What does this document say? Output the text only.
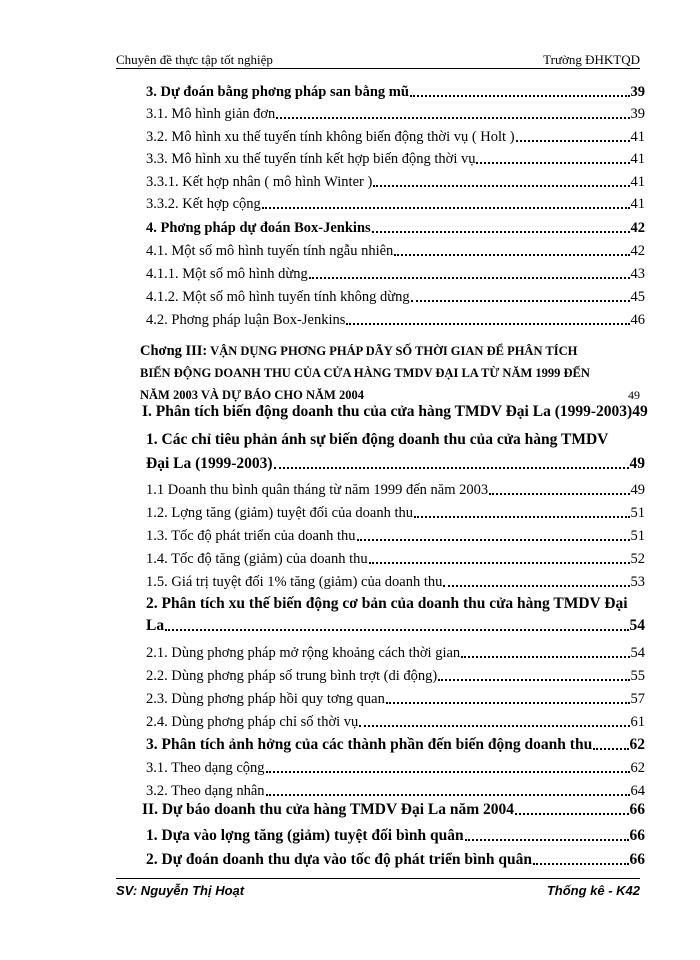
Chuyên đề thực tập tốt nghiệp	Trường ĐHKTQD
3. Dự đoán bằng phơng pháp san bằng mũ	39
3.1. Mô hình giản đơn	39
3.2. Mô hình xu thế tuyến tính không biến động thời vụ ( Holt )	41
3.3. Mô hình xu thế tuyến tính kết hợp biến động thời vụ	41
3.3.1. Kết hợp nhân ( mô hình Winter )	41
3.3.2. Kết hợp cộng	41
4. Phơng pháp dự đoán Box-Jenkins	42
4.1. Một số mô hình tuyến tính ngẫu nhiên	42
4.1.1. Một số mô hình dừng	43
4.1.2. Một số mô hình tuyến tính không dừng	45
4.2. Phơng pháp luận Box-Jenkins	46
Chơng III: VẬN DỤNG PHƠNG PHÁP DÃY SỐ THỜI GIAN ĐỂ PHÂN TÍCH
BIẾN ĐỘNG DOANH THU CỦA CỬA HÀNG TMDV ĐẠI LA TỪ NĂM 1999 ĐẾN
NĂM 2003 VÀ DỰ BÁO CHO NĂM 2004	49
I. Phân tích biến động doanh thu của cửa hàng TMDV Đại La (1999-2003) 49
1. Các chỉ tiêu phản ánh sự biến động doanh thu của cửa hàng TMDV
Đại La (1999-2003)	49
1.1 Doanh thu bình quân tháng từ năm 1999 đến năm 2003	49
1.2. Lợng tăng (giảm) tuyệt đối của doanh thu	51
1.3. Tốc độ phát triển của doanh thu	51
1.4. Tốc độ tăng (giảm) của doanh thu	52
1.5. Giá trị tuyệt đối 1% tăng (giảm) của doanh thu	53
2. Phân tích xu thế biến động cơ bản của doanh thu cửa hàng TMDV Đại
La	54
2.1. Dùng phơng pháp mở rộng khoảng cách thời gian	54
2.2. Dùng phơng pháp số trung bình trợt (di động)	55
2.3. Dùng phơng pháp hồi quy tơng quan	57
2.4. Dùng phơng pháp chỉ số thời vụ	61
3. Phân tích ảnh hởng của các thành phần đến biến động doanh thu 62
3.1. Theo dạng cộng	62
3.2. Theo dạng nhân	64
II. Dự báo doanh thu cửa hàng TMDV Đại La năm 2004	66
1. Dựa vào lợng tăng (giảm) tuyệt đối bình quân	66
2. Dự đoán doanh thu dựa vào tốc độ phát triển bình quân	66
SV: Nguyễn Thị Hoạt	Thống kê - K42
